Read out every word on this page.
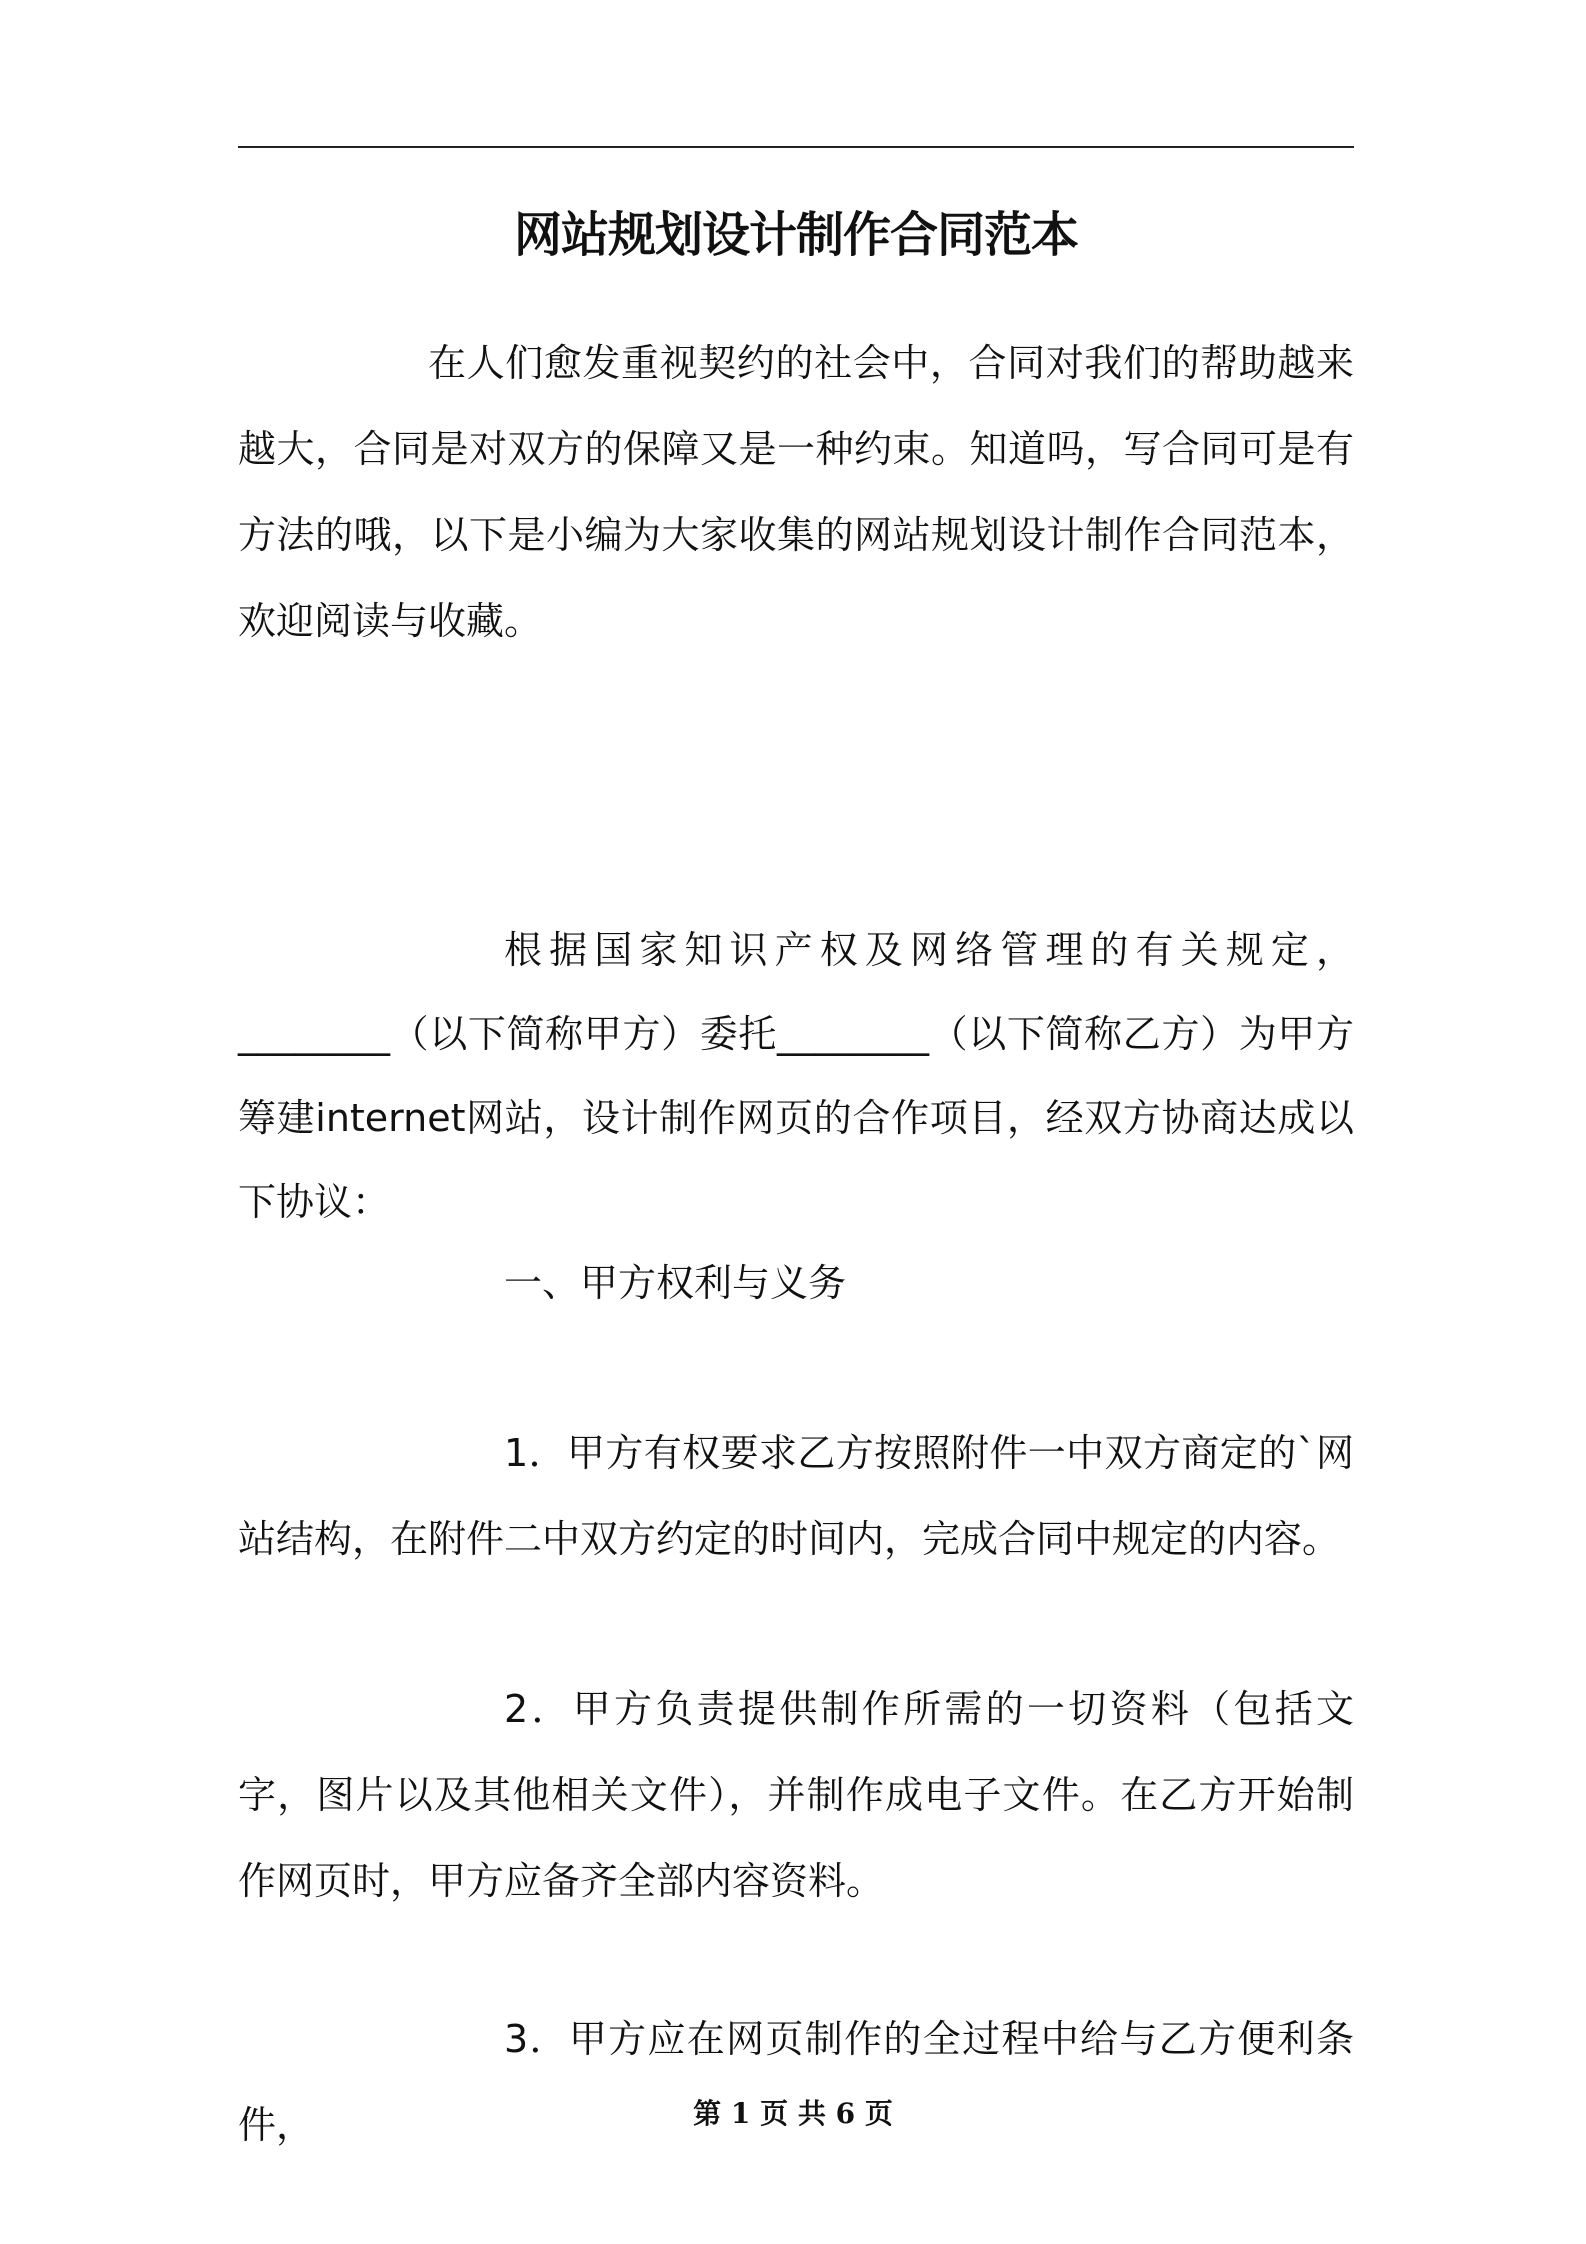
网站规划设计制作合同范本

在人们愈发重视契约的社会中，合同对我们的帮助越来越大，合同是对双方的保障又是一种约束。知道吗，写合同可是有方法的哦，以下是小编为大家收集的网站规划设计制作合同范本，欢迎阅读与收藏。

根据国家知识产权及网络管理的有关规定，________（以下简称甲方）委托________（以下简称乙方）为甲方筹建internet网站，设计制作网页的合作项目，经双方协商达成以下协议：

一、甲方权利与义务

1．甲方有权要求乙方按照附件一中双方商定的`网站结构，在附件二中双方约定的时间内，完成合同中规定的内容。

2．甲方负责提供制作所需的一切资料（包括文字，图片以及其他相关文件），并制作成电子文件。在乙方开始制作网页时，甲方应备齐全部内容资料。

3．甲方应在网页制作的全过程中给与乙方便利条件，	第 1 页 共 6 页
